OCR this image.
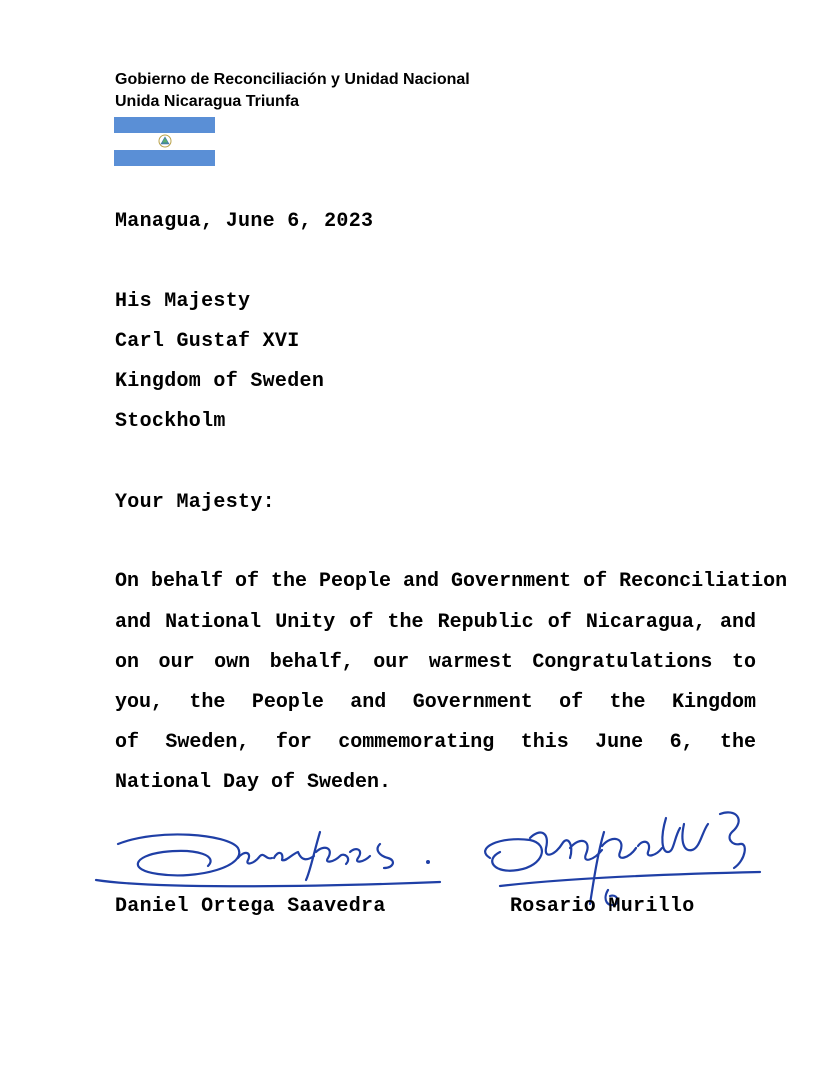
Gobierno de Reconciliación y Unidad Nacional
Unida Nicaragua Triunfa
Managua, June 6, 2023
His Majesty
Carl Gustaf XVI
Kingdom of Sweden
Stockholm
Your Majesty:
On behalf of the People and Government of Reconciliation
and National Unity of the Republic of Nicaragua, and
on our own behalf, our warmest Congratulations to
you, the People and Government of the Kingdom
of Sweden, for commemorating this June 6, the
National Day of Sweden.
Daniel Ortega Saavedra	Rosario Murillo
